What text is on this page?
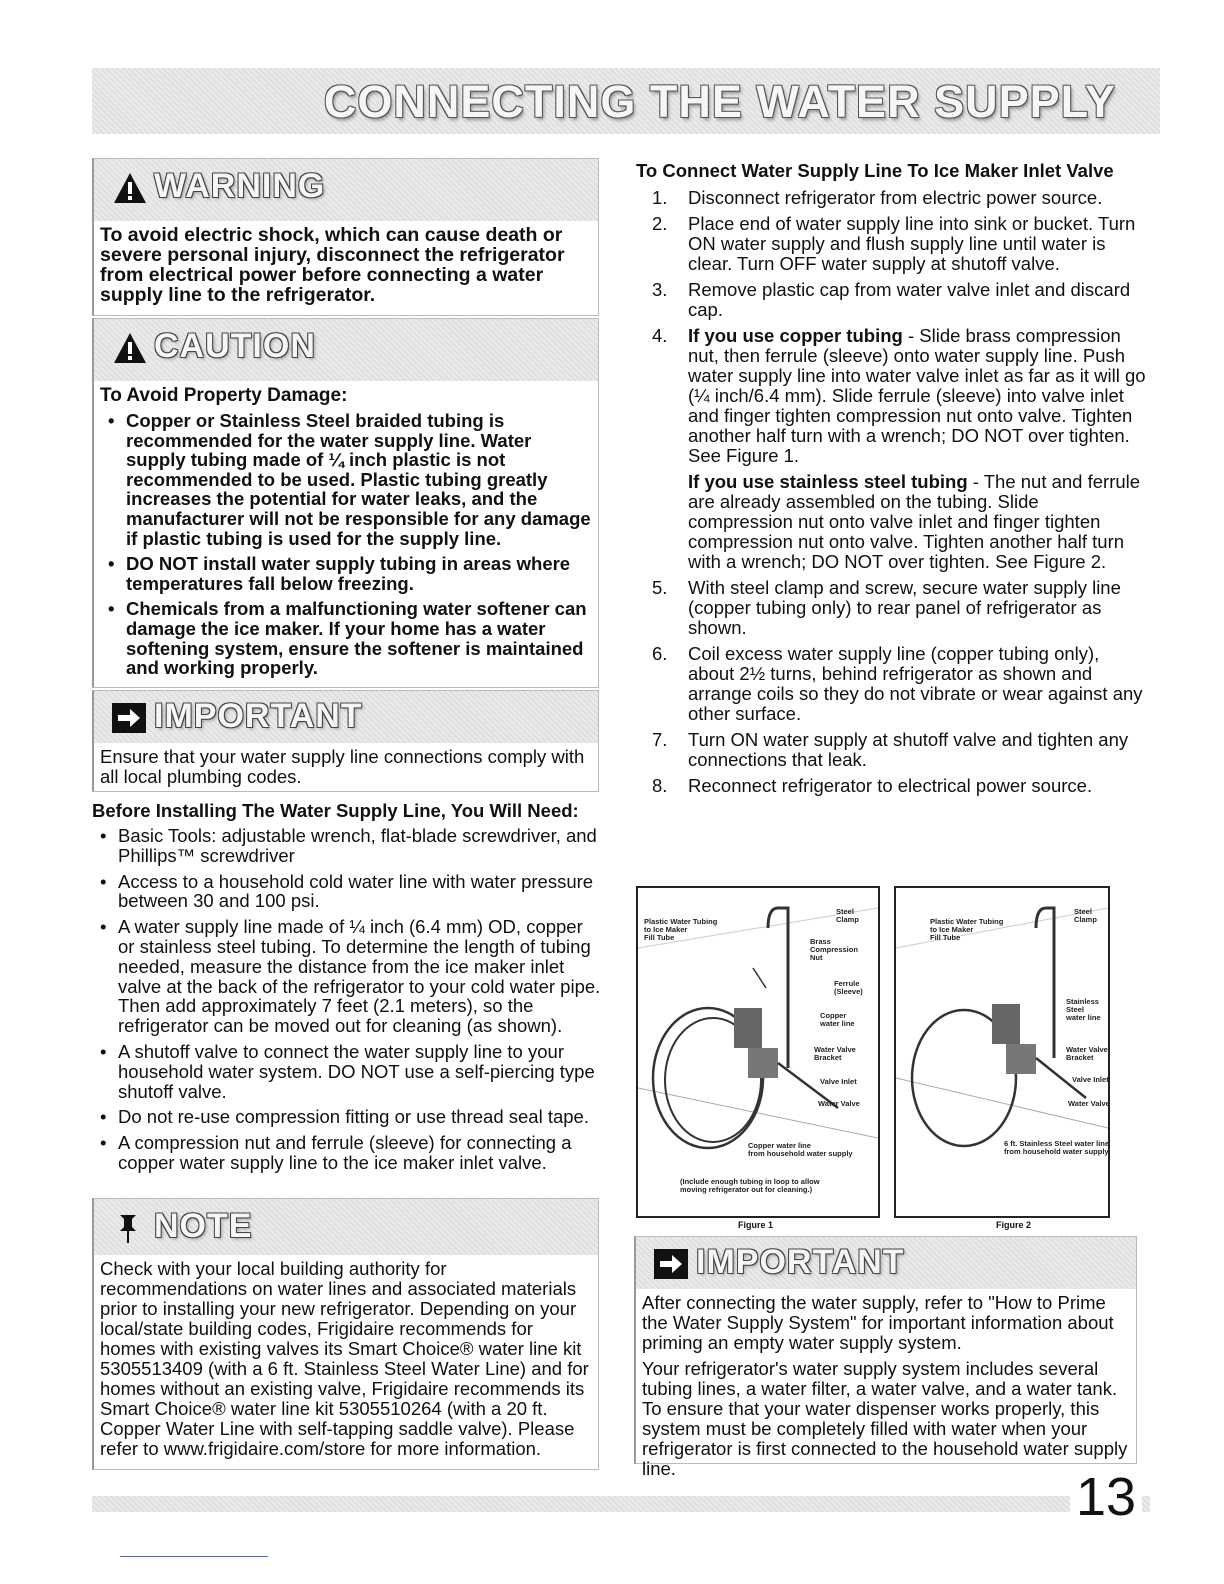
CONNECTING THE WATER SUPPLY
WARNING

To avoid electric shock, which can cause death or severe personal injury, disconnect the refrigerator from electrical power before connecting a water supply line to the refrigerator.

CAUTION

To Avoid Property Damage:

• Copper or Stainless Steel braided tubing is recommended for the water supply line. Water supply tubing made of ¼ inch plastic is not recommended to be used. Plastic tubing greatly increases the potential for water leaks, and the manufacturer will not be responsible for any damage if plastic tubing is used for the supply line.
• DO NOT install water supply tubing in areas where temperatures fall below freezing.
• Chemicals from a malfunctioning water softener can damage the ice maker. If your home has a water softening system, ensure the softener is maintained and working properly.
IMPORTANT

Ensure that your water supply line connections comply with all local plumbing codes.

Before Installing The Water Supply Line, You Will Need:

• Basic Tools: adjustable wrench, flat-blade screwdriver, and Phillips™ screwdriver
• Access to a household cold water line with water pressure between 30 and 100 psi.
• A water supply line made of ¼ inch (6.4 mm) OD, copper or stainless steel tubing. To determine the length of tubing needed, measure the distance from the ice maker inlet valve at the back of the refrigerator to your cold water pipe. Then add approximately 7 feet (2.1 meters), so the refrigerator can be moved out for cleaning (as shown).
• A shutoff valve to connect the water supply line to your household water system. DO NOT use a self-piercing type shutoff valve.
• Do not re-use compression fitting or use thread seal tape.
• A compression nut and ferrule (sleeve) for connecting a copper water supply line to the ice maker inlet valve.
NOTE

Check with your local building authority for recommendations on water lines and associated materials prior to installing your new refrigerator. Depending on your local/state building codes, Frigidaire recommends for homes with existing valves its Smart Choice® water line kit 5305513409 (with a 6 ft. Stainless Steel Water Line) and for homes without an existing valve, Frigidaire recommends its Smart Choice® water line kit 5305510264 (with a 20 ft. Copper Water Line with self-tapping saddle valve). Please refer to www.frigidaire.com/store for more information.

To Connect Water Supply Line To Ice Maker Inlet Valve

1. Disconnect refrigerator from electric power source.
2. Place end of water supply line into sink or bucket. Turn ON water supply and flush supply line until water is clear. Turn OFF water supply at shutoff valve.
3. Remove plastic cap from water valve inlet and discard cap.
4. If you use copper tubing - Slide brass compression nut, then ferrule (sleeve) onto water supply line. Push water supply line into water valve inlet as far as it will go (¼ inch/6.4 mm). Slide ferrule (sleeve) into valve inlet and finger tighten compression nut onto valve. Tighten another half turn with a wrench; DO NOT over tighten. See Figure 1.

If you use stainless steel tubing - The nut and ferrule are already assembled on the tubing. Slide compression nut onto valve inlet and finger tighten compression nut onto valve. Tighten another half turn with a wrench; DO NOT over tighten. See Figure 2.

5. With steel clamp and screw, secure water supply line (copper tubing only) to rear panel of refrigerator as shown.
6. Coil excess water supply line (copper tubing only), about 2½ turns, behind refrigerator as shown and arrange coils so they do not vibrate or wear against any other surface.
7. Turn ON water supply at shutoff valve and tighten any connections that leak.
8. Reconnect refrigerator to electrical power source.
Plastic Water Tubing
to Ice Maker
Fill Tube
Steel
Clamp
Brass
Compression
Nut
Ferrule
(Sleeve)
Copper
water line
Water Valve
Bracket
Valve Inlet
Water Valve
Copper water line
from household water supply
(Include enough tubing in loop to allow
moving refrigerator out for cleaning.)
Figure 1
Plastic Water Tubing
to Ice Maker
Fill Tube
Steel
Clamp
Stainless
Steel
water line
Water Valve
Bracket
Valve Inlet
Water Valve
6 ft. Stainless Steel water line
from household water supply
Figure 2
IMPORTANT

After connecting the water supply, refer to "How to Prime the Water Supply System" for important information about priming an empty water supply system.

Your refrigerator's water supply system includes several tubing lines, a water filter, a water valve, and a water tank. To ensure that your water dispenser works properly, this system must be completely filled with water when your refrigerator is first connected to the household water supply line.	13
